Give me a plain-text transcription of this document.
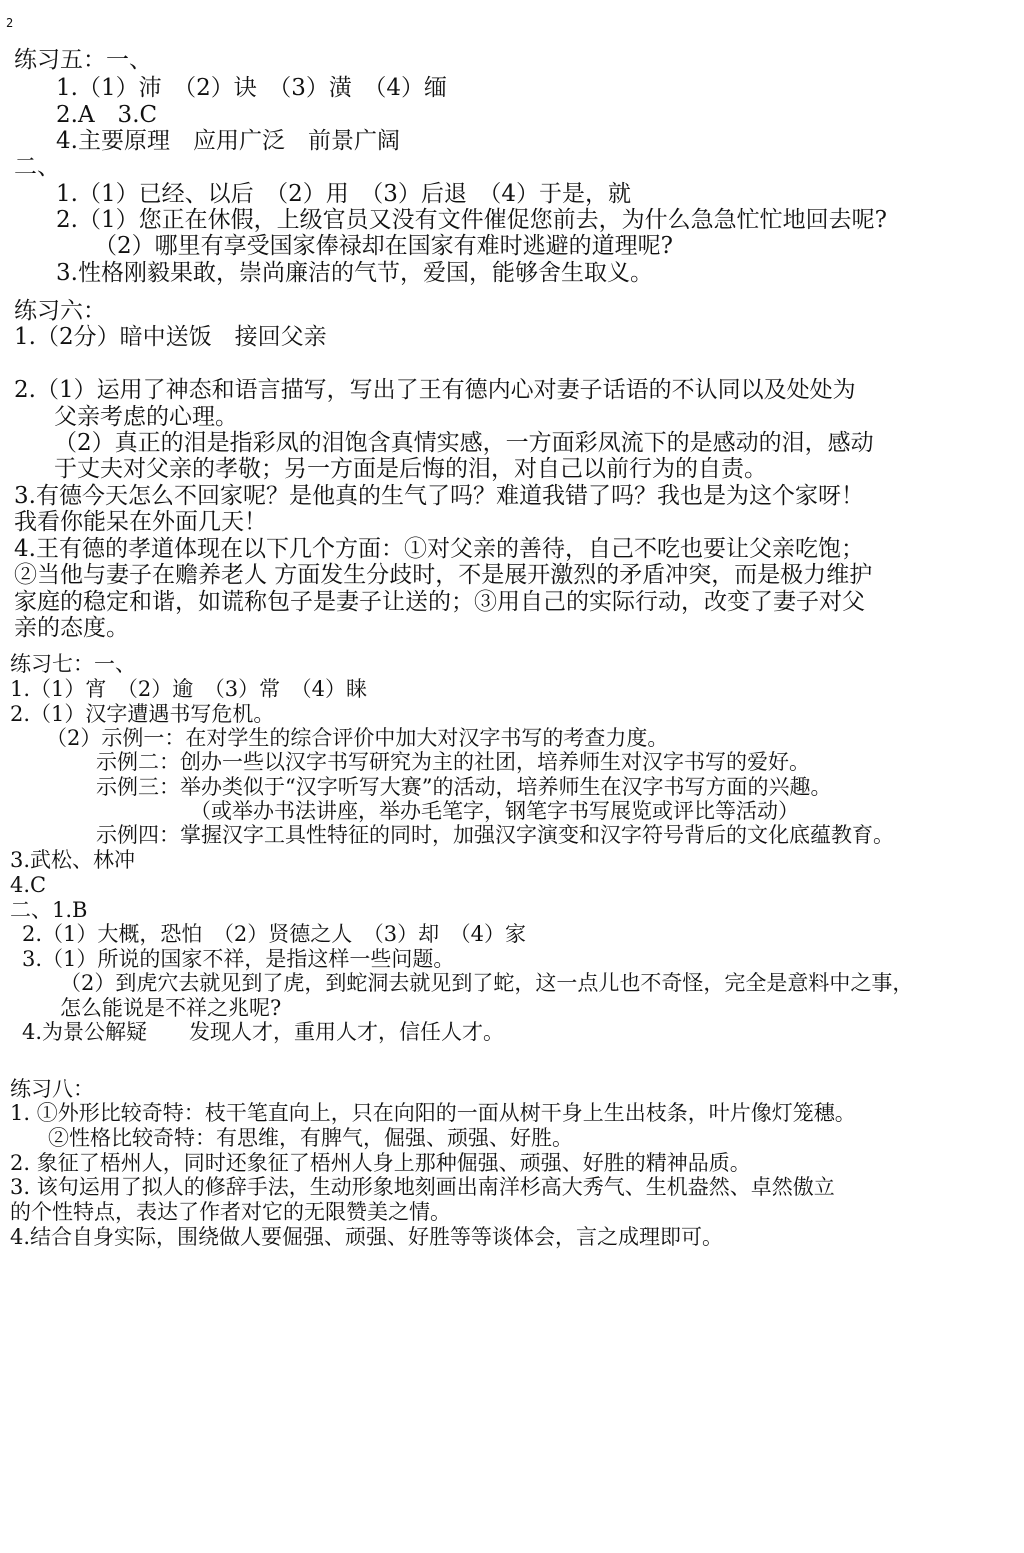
2
练习五：一、
1.（1）沛　（2）诀　（3）潢　（4）缅
2.A　3.C
4.主要原理　应用广泛　前景广阔
二、
1.（1）已经、以后　（2）用　（3）后退　（4）于是，就
2.（1）您正在休假，上级官员又没有文件催促您前去，为什么急急忙忙地回去呢?
（2）哪里有享受国家俸禄却在国家有难时逃避的道理呢?
3.性格刚毅果敢，崇尚廉洁的气节，爱国，能够舍生取义。
练习六：
1.（2分）暗中送饭　接回父亲
2.（1）运用了神态和语言描写，写出了王有德内心对妻子话语的不认同以及处处为
父亲考虑的心理。
（2）真正的泪是指彩凤的泪饱含真情实感，一方面彩凤流下的是感动的泪，感动
于丈夫对父亲的孝敬；另一方面是后悔的泪，对自己以前行为的自责。
3.有德今天怎么不回家呢？是他真的生气了吗？难道我错了吗？我也是为这个家呀！
我看你能呆在外面几天！
4.王有德的孝道体现在以下几个方面：①对父亲的善待，自己不吃也要让父亲吃饱；
②当他与妻子在赡养老人 方面发生分歧时，不是展开激烈的矛盾冲突，而是极力维护
家庭的稳定和谐，如谎称包子是妻子让送的；③用自己的实际行动，改变了妻子对父
亲的态度。
练习七：一、
1.（1）宵　（2）逾　（3）常　（4）睐
2.（1）汉字遭遇书写危机。
（2）示例一：在对学生的综合评价中加大对汉字书写的考查力度。
示例二：创办一些以汉字书写研究为主的社团，培养师生对汉字书写的爱好。
示例三：举办类似于“汉字听写大赛”的活动，培养师生在汉字书写方面的兴趣。
（或举办书法讲座，举办毛笔字，钢笔字书写展览或评比等活动）
示例四：掌握汉字工具性特征的同时，加强汉字演变和汉字符号背后的文化底蕴教育。
3.武松、林冲
4.C
二、1.B
2.（1）大概，恐怕　（2）贤德之人　（3）却　（4）家
3.（1）所说的国家不祥，是指这样一些问题。
（2）到虎穴去就见到了虎，到蛇洞去就见到了蛇，这一点儿也不奇怪，完全是意料中之事，
怎么能说是不祥之兆呢?
4.为景公解疑　　发现人才，重用人才，信任人才。
练习八：
1. ①外形比较奇特：枝干笔直向上，只在向阳的一面从树干身上生出枝条，叶片像灯笼穗。
②性格比较奇特：有思维，有脾气，倔强、顽强、好胜。
2. 象征了梧州人，同时还象征了梧州人身上那种倔强、顽强、好胜的精神品质。
3. 该句运用了拟人的修辞手法，生动形象地刻画出南洋杉高大秀气、生机盎然、卓然傲立
的个性特点，表达了作者对它的无限赞美之情。
4.结合自身实际，围绕做人要倔强、顽强、好胜等等谈体会，言之成理即可。
